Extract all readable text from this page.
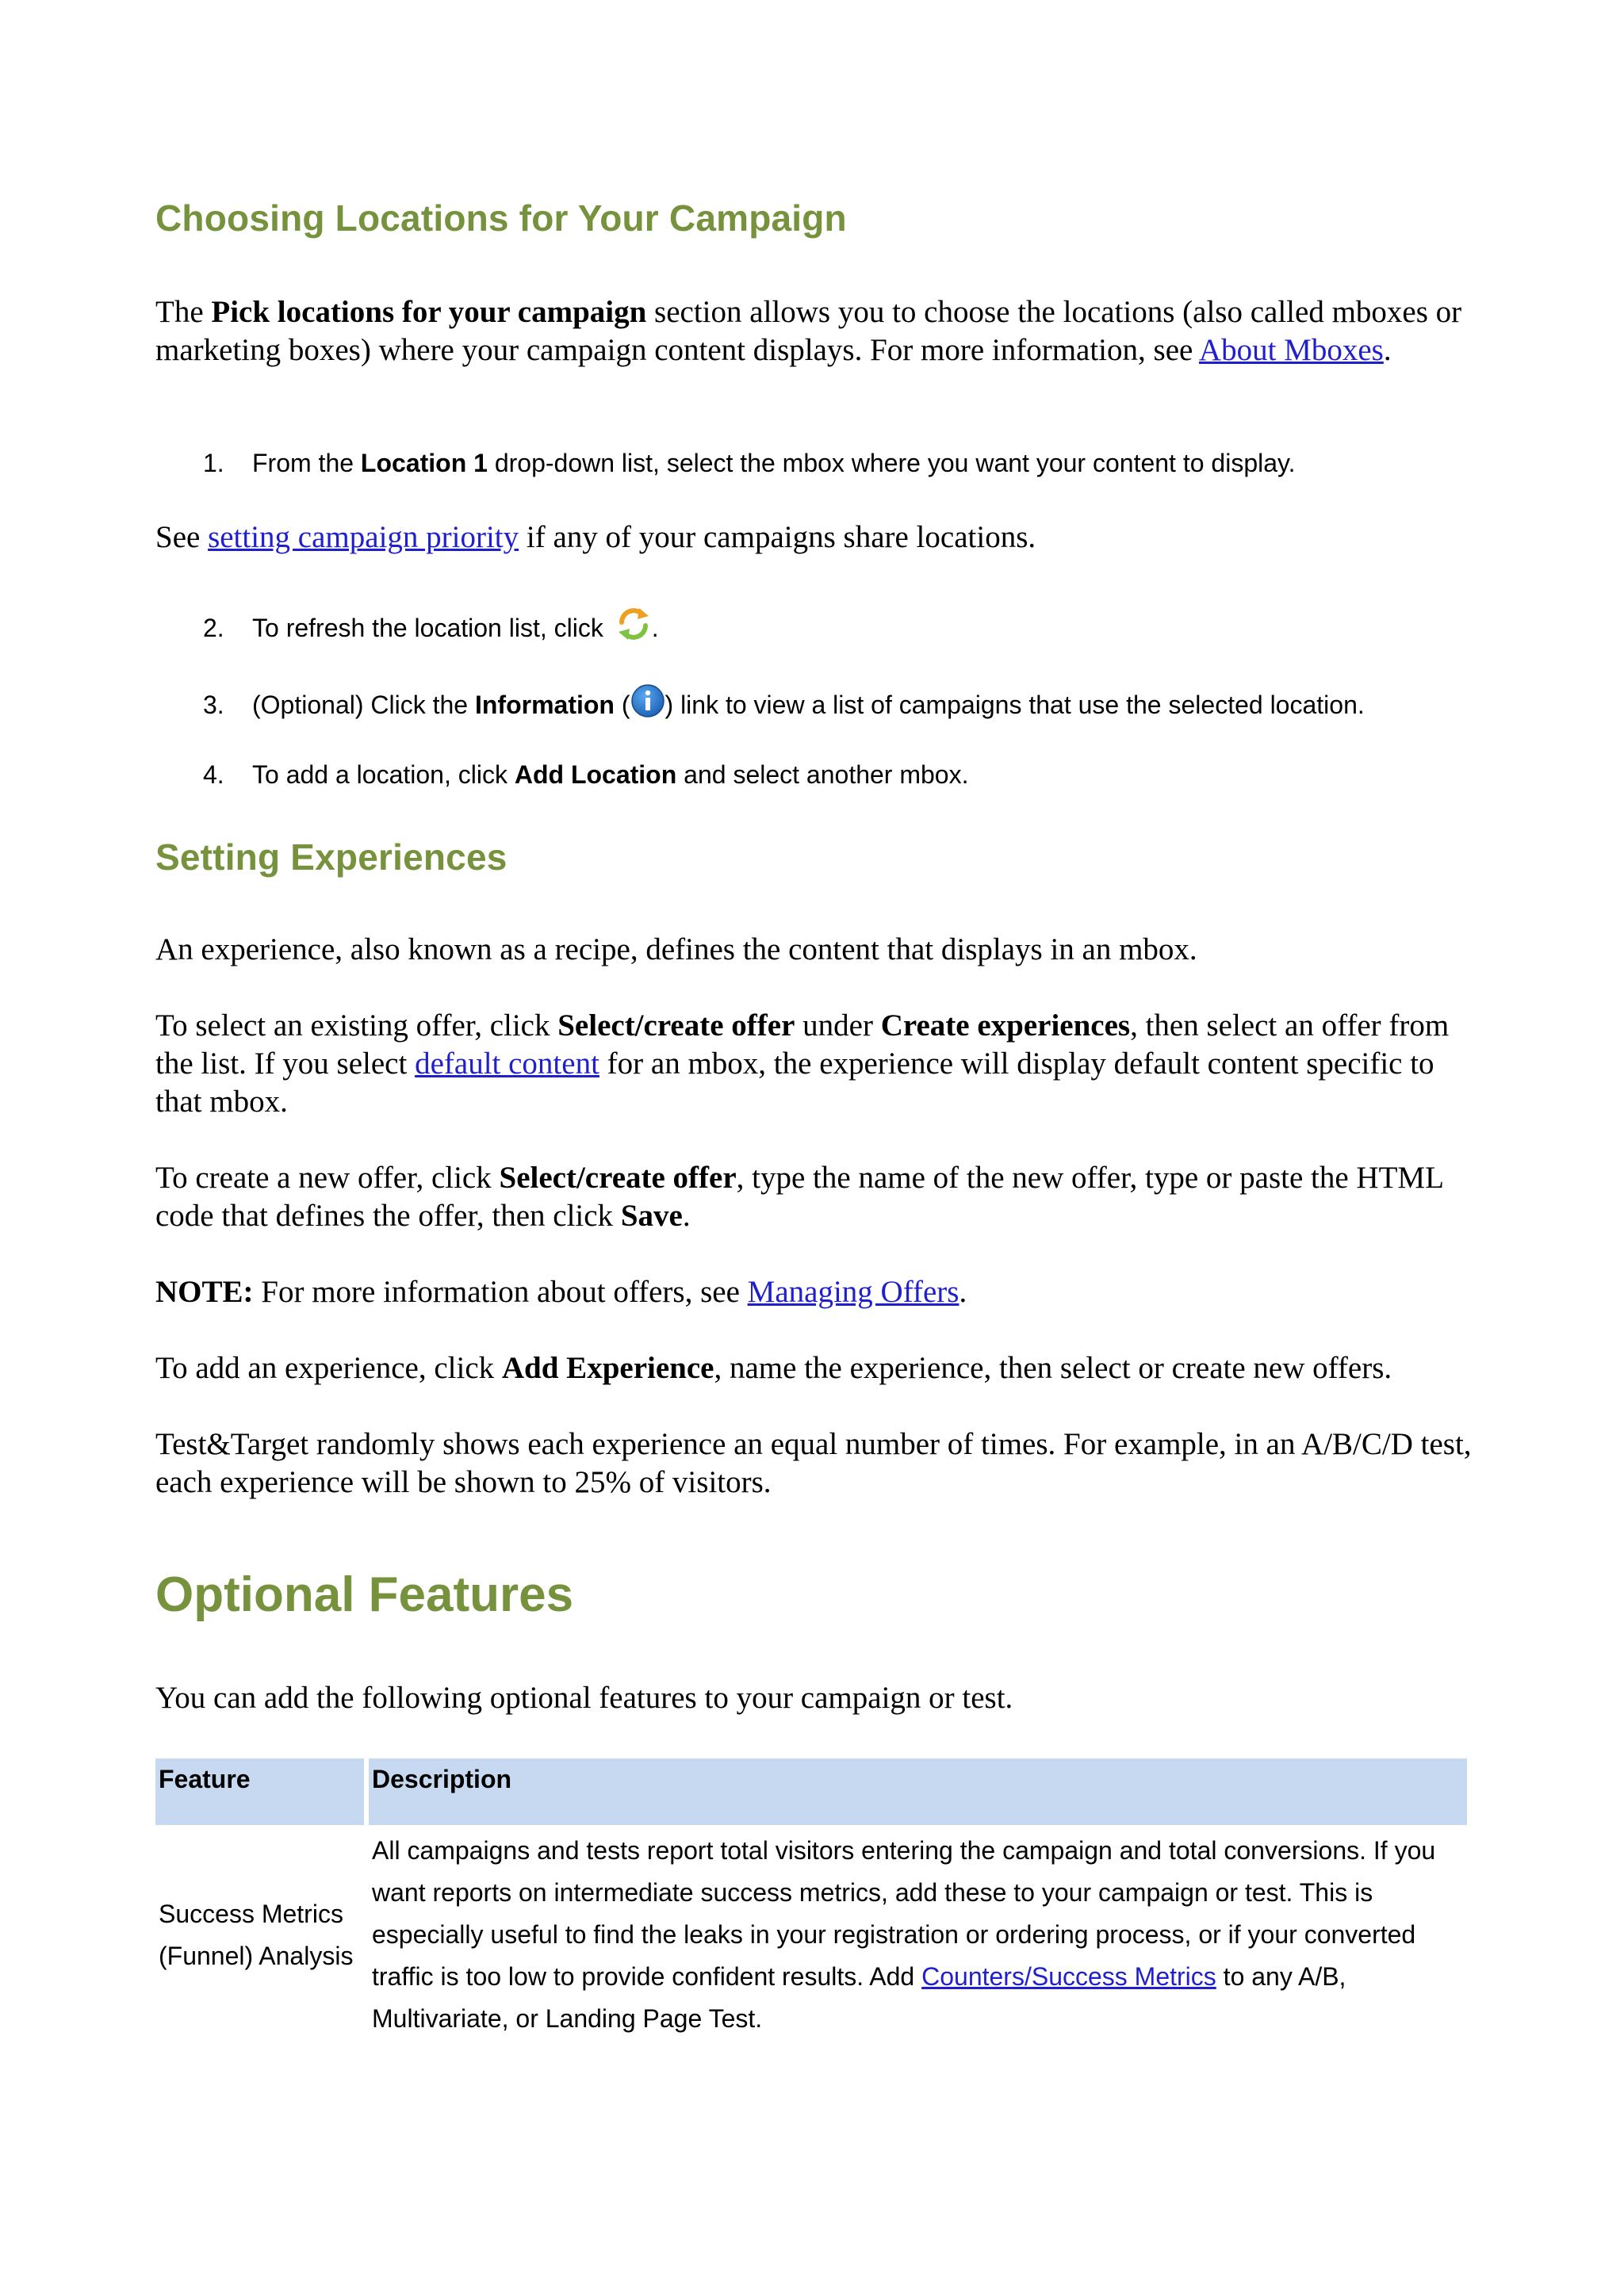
Choosing Locations for Your Campaign

The Pick locations for your campaign section allows you to choose the locations (also called mboxes or marketing boxes) where your campaign content displays. For more information, see About Mboxes.

1. From the Location 1 drop-down list, select the mbox where you want your content to display.

See setting campaign priority if any of your campaigns share locations.

2. To refresh the location list, click .

3. (Optional) Click the Information ( ) link to view a list of campaigns that use the selected location.

4. To add a location, click Add Location and select another mbox.

Setting Experiences

An experience, also known as a recipe, defines the content that displays in an mbox.

To select an existing offer, click Select/create offer under Create experiences, then select an offer from the list. If you select default content for an mbox, the experience will display default content specific to that mbox.

To create a new offer, click Select/create offer, type the name of the new offer, type or paste the HTML code that defines the offer, then click Save.

NOTE: For more information about offers, see Managing Offers.

To add an experience, click Add Experience, name the experience, then select or create new offers.

Test&Target randomly shows each experience an equal number of times. For example, in an A/B/C/D test, each experience will be shown to 25% of visitors.

Optional Features

You can add the following optional features to your campaign or test.

Feature	Description
Success Metrics (Funnel) Analysis	All campaigns and tests report total visitors entering the campaign and total conversions. If you want reports on intermediate success metrics, add these to your campaign or test. This is especially useful to find the leaks in your registration or ordering process, or if your converted traffic is too low to provide confident results. Add Counters/Success Metrics to any A/B, Multivariate, or Landing Page Test.
